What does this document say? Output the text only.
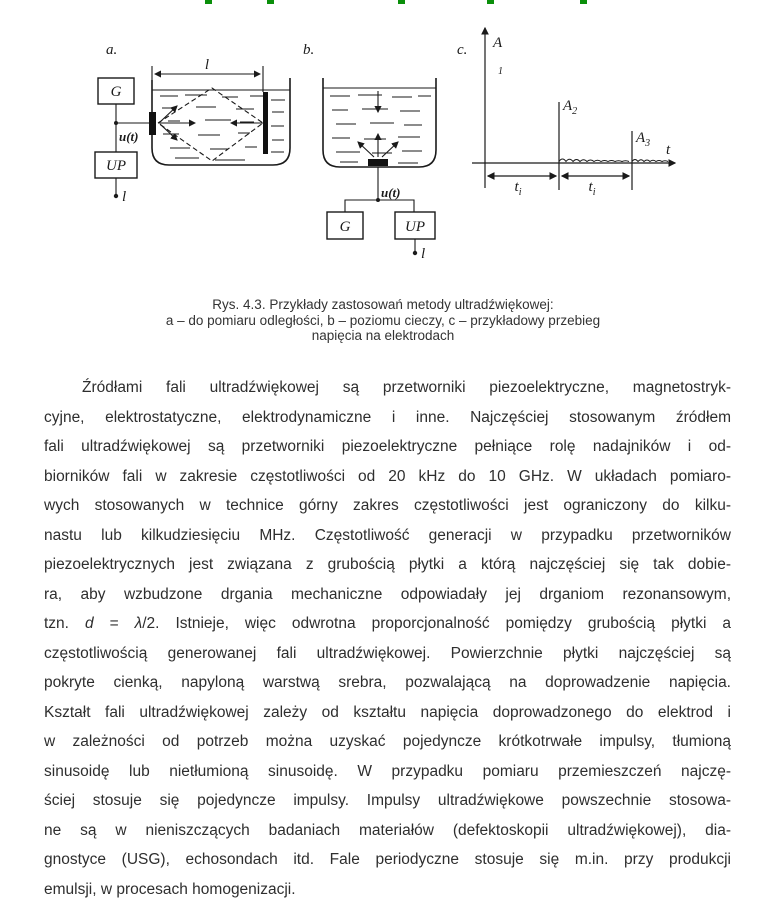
a.
G
u(t)
UP
l
l
b.
u(t)
G	UP
l
c. A
1
t
$A_2$
$A_3$
$t_i$	$t_i$
Rys. 4.3. Przykłady zastosowań metody ultradźwiękowej:
a – do pomiaru odległości, b – poziomu cieczy, c – przykładowy przebieg
napięcia na elektrodach
Źródłami fali ultradźwiękowej są przetworniki piezoelektryczne, magnetostryk-
cyjne, elektrostatyczne, elektrodynamiczne i inne. Najczęściej stosowanym źródłem
fali ultradźwiękowej są przetworniki piezoelektryczne pełniące rolę nadajników i od-
biorników fali w zakresie częstotliwości od 20 kHz do 10 GHz. W układach pomiaro-
wych stosowanych w technice górny zakres częstotliwości jest ograniczony do kilku-
nastu lub kilkudziesięciu MHz. Częstotliwość generacji w przypadku przetworników
piezoelektrycznych jest związana z grubością płytki a którą najczęściej się tak dobie-
ra, aby wzbudzone drgania mechaniczne odpowiadały jej drganiom rezonansowym,
tzn. d = λ/2. Istnieje, więc odwrotna proporcjonalność pomiędzy grubością płytki a
częstotliwością generowanej fali ultradźwiękowej. Powierzchnie płytki najczęściej są
pokryte cienką, napyloną warstwą srebra, pozwalającą na doprowadzenie napięcia.
Kształt fali ultradźwiękowej zależy od kształtu napięcia doprowadzonego do elektrod i
w zależności od potrzeb można uzyskać pojedyncze krótkotrwałe impulsy, tłumioną
sinusoidę lub nietłumioną sinusoidę. W przypadku pomiaru przemieszczeń najczę-
ściej stosuje się pojedyncze impulsy. Impulsy ultradźwiękowe powszechnie stosowa-
ne są w nieniszczących badaniach materiałów (defektoskopii ultradźwiękowej), dia-
gnostyce (USG), echosondach itd. Fale periodyczne stosuje się m.in. przy produkcji
emulsji, w procesach homogenizacji.
